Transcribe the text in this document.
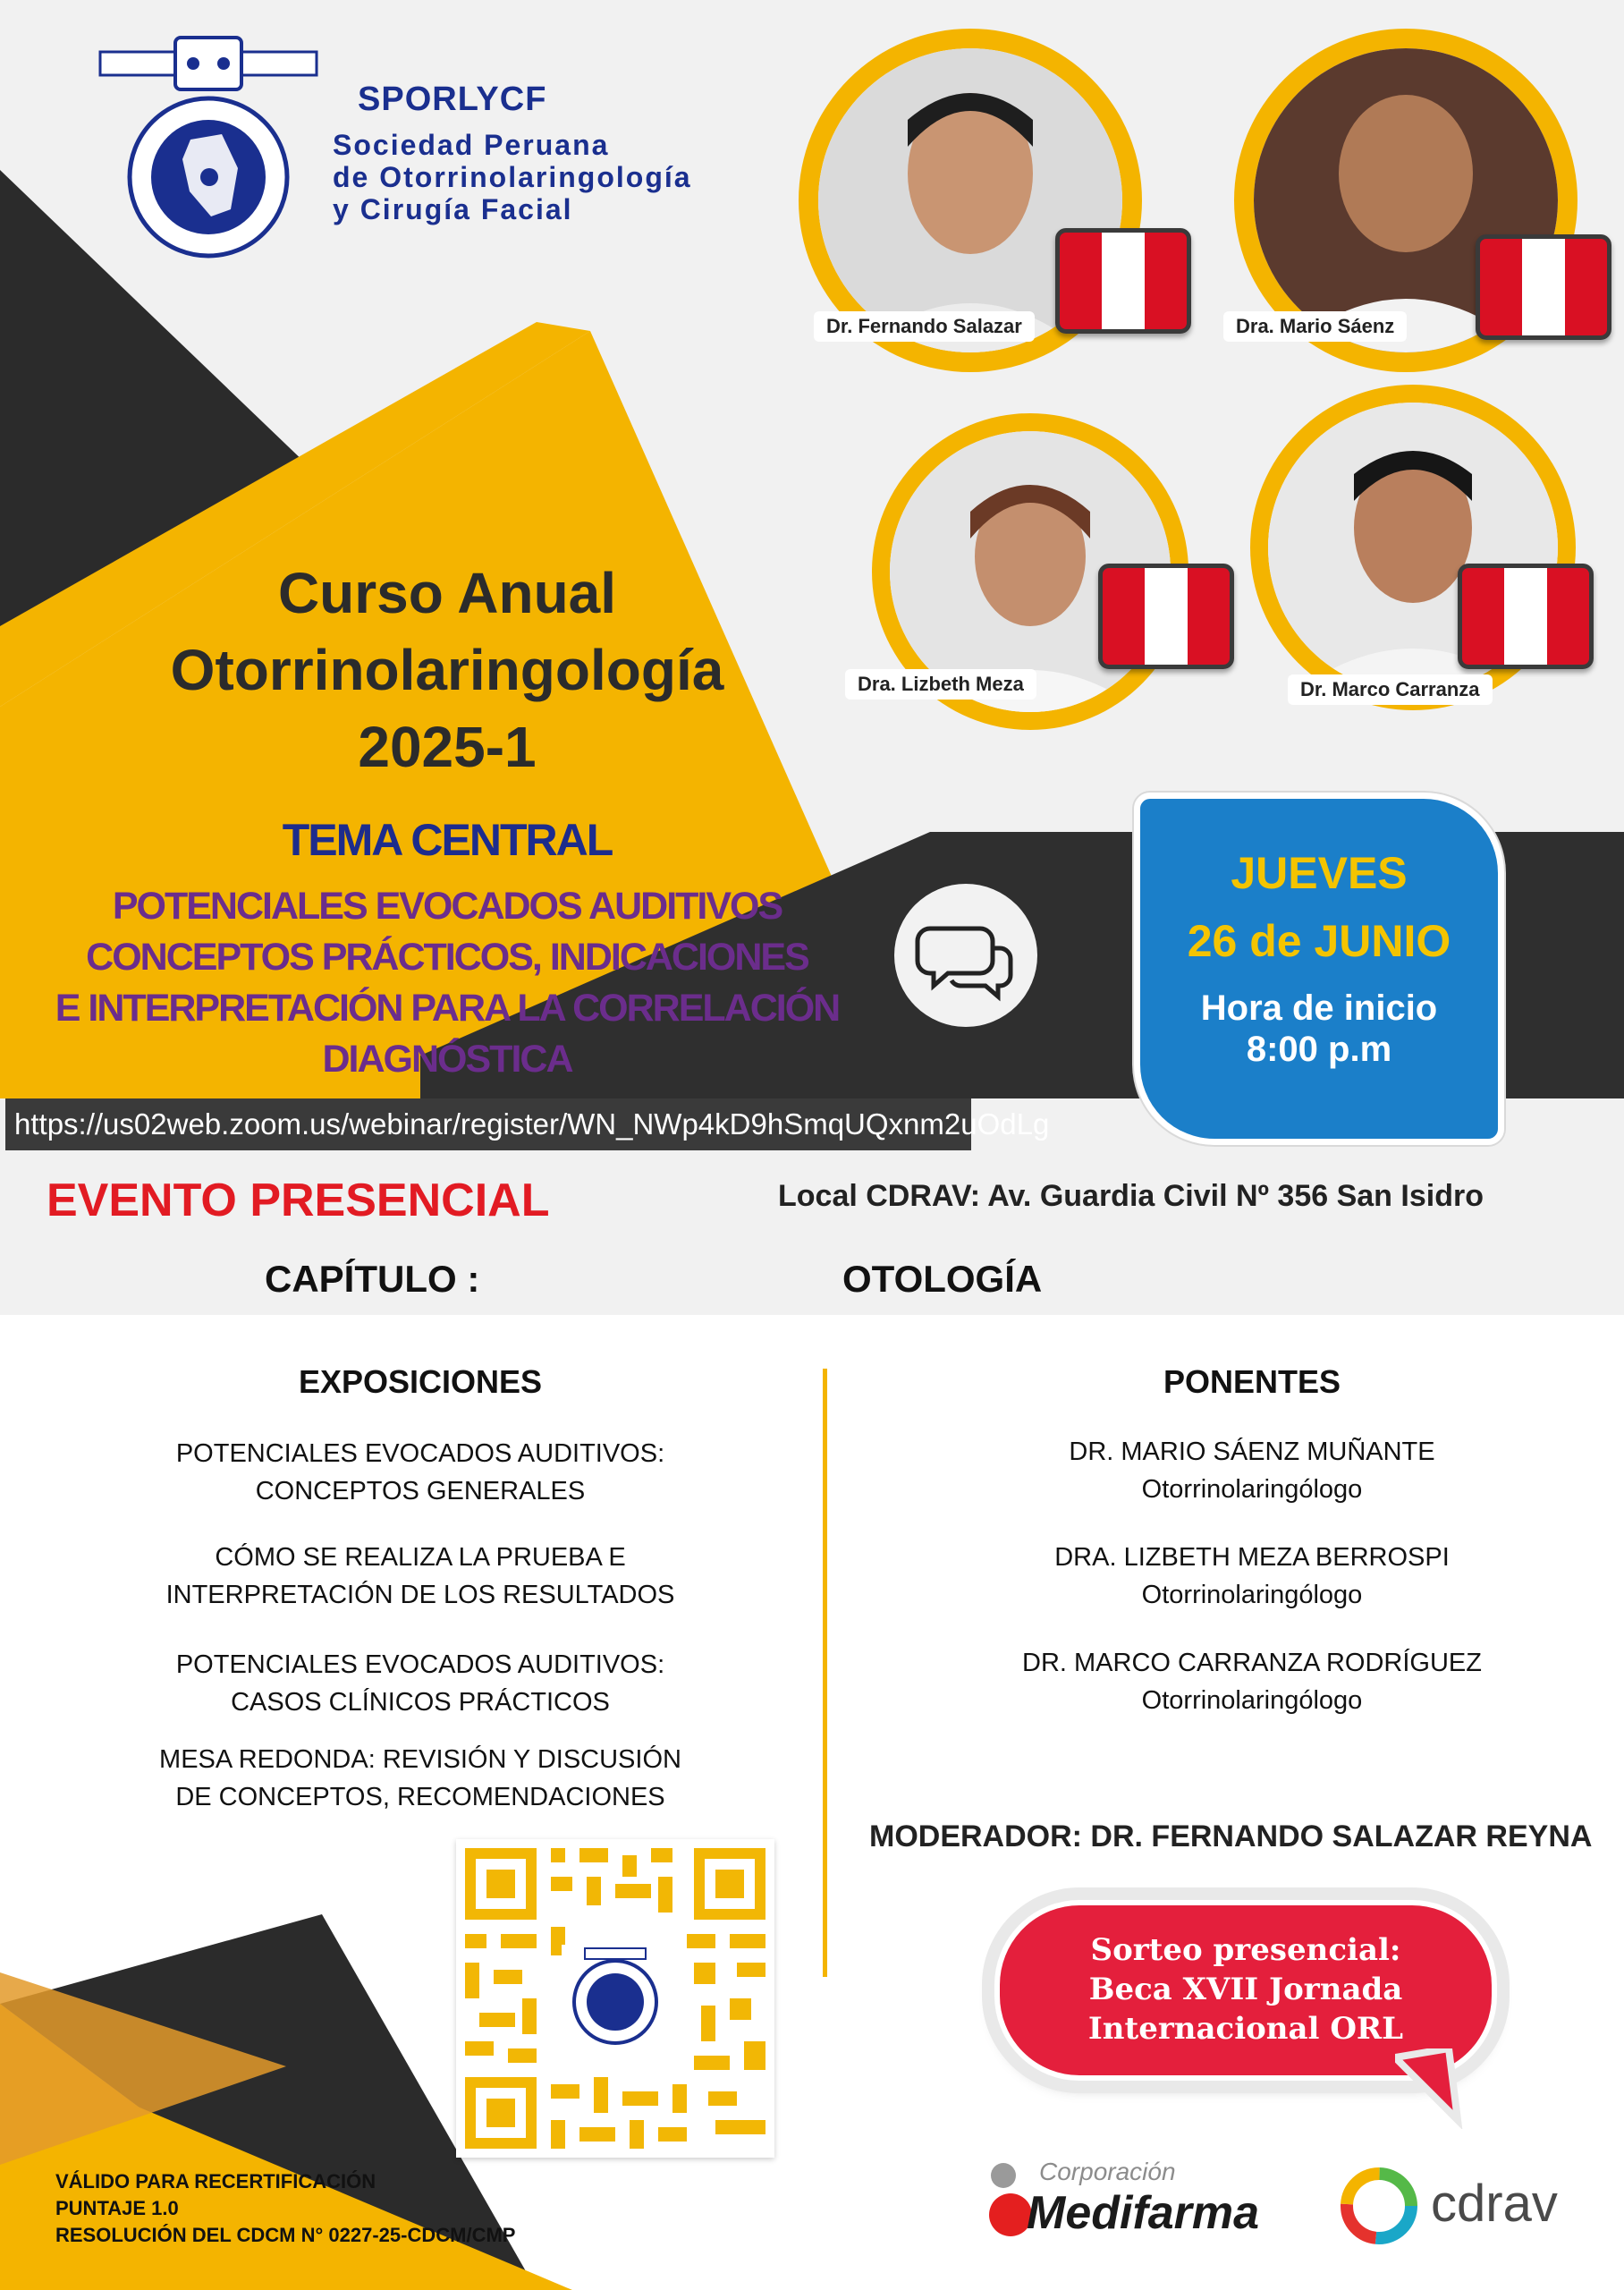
SPORLYCF
Sociedad Peruana
de Otorrinolaringología
y Cirugía Facial
Dr. Fernando Salazar	Dra. Mario Sáenz
Dra. Lizbeth Meza	Dr. Marco Carranza
Curso Anual
Otorrinolaringología
2025-1
TEMA CENTRAL
POTENCIALES EVOCADOS AUDITIVOS
CONCEPTOS PRÁCTICOS, INDICACIONES
E INTERPRETACIÓN PARA LA CORRELACIÓN
DIAGNÓSTICA
https://us02web.zoom.us/webinar/register/WN_NWp4kD9hSmqUQxnm2uOdLg
JUEVES
26 de JUNIO
Hora de inicio
8:00 p.m
EVENTO PRESENCIAL	Local CDRAV: Av. Guardia Civil Nº 356 San Isidro
CAPÍTULO :	OTOLOGÍA
EXPOSICIONES
POTENCIALES EVOCADOS AUDITIVOS:
CONCEPTOS GENERALES
CÓMO SE REALIZA LA PRUEBA E
INTERPRETACIÓN DE LOS RESULTADOS
POTENCIALES EVOCADOS AUDITIVOS:
CASOS CLÍNICOS PRÁCTICOS
MESA REDONDA: REVISIÓN Y DISCUSIÓN
DE CONCEPTOS, RECOMENDACIONES
PONENTES
DR. MARIO SÁENZ MUÑANTE
Otorrinolaringólogo
DRA. LIZBETH MEZA BERROSPI
Otorrinolaringólogo
DR. MARCO CARRANZA RODRÍGUEZ
Otorrinolaringólogo
MODERADOR: DR. FERNANDO SALAZAR REYNA
Sorteo presencial:
Beca XVII Jornada
Internacional ORL
VÁLIDO PARA RECERTIFICACIÓN
PUNTAJE 1.0
RESOLUCIÓN DEL CDCM N° 0227-25-CDCM/CMP
Corporación
Medifarma	cdrav
